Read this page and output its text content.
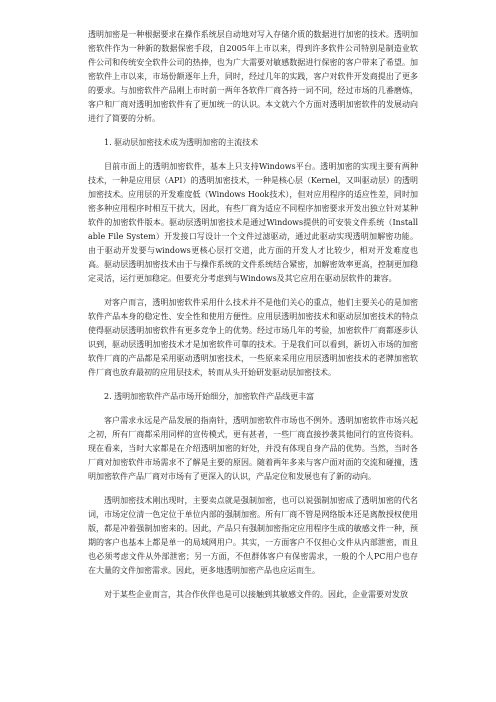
透明加密是一种根据要求在操作系统层自动地对写入存储介质的数据进行加密的技术。透明加密软件作为一种新的数据保密手段，自2005年上市以来，得到许多软件公司特别是制造业软件公司和传统安全软件公司的热捧，也为广大需要对敏感数据进行保密的客户带来了希望。加密软件上市以来，市场份额逐年上升，同时，经过几年的实践，客户对软件开发商提出了更多的要求。与加密软件产品刚上市时前一两年各软件厂商各持一词不同，经过市场的几番磨炼，客户和厂商对透明加密软件有了更加统一的认识。本文就六个方面对透明加密软件的发展动向进行了简要的分析。

1. 驱动层加密技术成为透明加密的主流技术

目前市面上的透明加密软件，基本上只支持Windows平台。透明加密的实现主要有两种技术，一种是应用层（API）的透明加密技术，一种是核心层（Kernel，又叫驱动层）的透明加密技术。应用层的开发难度低（Windows Hook技术），但对应用程序的适应性差，同时加密多种应用程序时相互干扰大，因此，有些厂商为适应不同程序加密要求开发出独立针对某种软件的加密软件版本。驱动层透明加密技术是通过Windows提供的可安装文件系统（Installable File System）开发接口写设计一个文件过滤驱动，通过此驱动实现透明加解密功能。由于驱动开发要与windows更核心层打交道，此方面的开发人才比较少，相对开发难度也高。驱动层透明加密技术由于与操作系统的文件系统结合紧密，加解密效率更高，控制更加稳定灵活，运行更加稳定。但要充分考虑到与Windows及其它应用在驱动层软件的兼容。

对客户而言，透明加密软件采用什么技术并不是他们关心的重点，他们主要关心的是加密软件产品本身的稳定性、安全性和使用方便性。应用层透明加密技术和驱动层加密技术的特点使得驱动层透明加密软件有更多竞争上的优势。经过市场几年的考验，加密软件厂商都逐步认识到，驱动层透明加密技术才是加密软件可靠的技术。于是我们可以看到，新切入市场的加密软件厂商的产品都是采用驱动透明加密技术，一些原来采用应用层透明加密技术的老牌加密软件厂商也放弃最初的应用层技术，转而从头开始研发驱动层加密技术。

2. 透明加密软件产品市场开始细分，加密软件产品线更丰富

客户需求永远是产品发展的指南针，透明加密软件市场也不例外。透明加密软件市场兴起之初，所有厂商都采用同样的宣传模式，更有甚者，一些厂商直接抄袭其他同行的宣传资料。现在看来，当时大家都是在介绍透明加密的好处，并没有体现自身产品的优势。当然，当时各厂商对加密软件市场需求不了解是主要的原因。随着两年多来与客户面对面的交流和碰撞，透明加密软件产品厂商对市场有了更深入的认识，产品定位和发展也有了新的动向。

透明加密技术刚出现时，主要卖点就是强制加密，也可以说强制加密成了透明加密的代名词，市场定位清一色定位于单位内部的强制加密。所有厂商不管是网络版本还是离散授权使用版，都是冲着强制加密来的。因此，产品只有强制加密指定应用程序生成的敏感文件一种，预期的客户也基本上都是单一的局域网用户。其实，一方面客户不仅担心文件从内部泄密，而且也必须考虑文件从外部泄密；另一方面，不但群体客户有保密需求，一般的个人PC用户也存在大量的文件加密需求。因此，更多地透明加密产品也应运而生。

对于某些企业而言，其合作伙伴也是可以接触到其敏感文件的。因此，企业需要对发放
